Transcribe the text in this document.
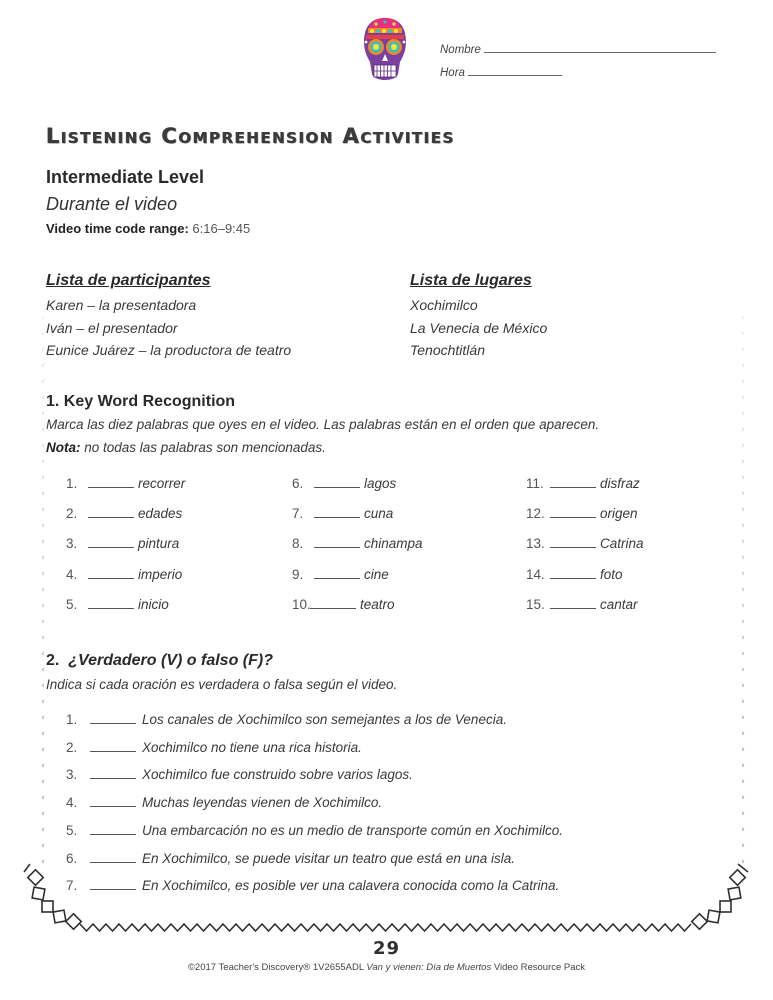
Nombre
Hora
Listening Comprehension Activities
Intermediate Level
Durante el video
Video time code range: 6:16–9:45
Lista de participantes
Karen – la presentadora
Iván – el presentador
Eunice Juárez – la productora de teatro
Lista de lugares
Xochimilco
La Venecia de México
Tenochtitlán
1. Key Word Recognition
Marca las diez palabras que oyes en el video. Las palabras están en el orden que aparecen.
Nota: no todas las palabras son mencionadas.
1.	recorrer
2.	edades
3.	pintura
4.	imperio
5.	inicio
6.	lagos
7.	cuna
8.	chinampa
9.	cine
10.	teatro
11.	disfraz
12.	origen
13.	Catrina
14.	foto
15.	cantar
2. ¿Verdadero (V) o falso (F)?
Indica si cada oración es verdadera o falsa según el video.
1.	Los canales de Xochimilco son semejantes a los de Venecia.
2.	Xochimilco no tiene una rica historia.
3.	Xochimilco fue construido sobre varios lagos.
4.	Muchas leyendas vienen de Xochimilco.
5.	Una embarcación no es un medio de transporte común en Xochimilco.
6.	En Xochimilco, se puede visitar un teatro que está en una isla.
7.	En Xochimilco, es posible ver una calavera conocida como la Catrina.
‹
‹
‹
‹
‹
‹
‹
‹
‹
‹
‹
‹
‹
‹
‹
‹
‹
‹
‹
‹
‹
‹
‹
‹
‹
‹
‹
‹
‹
‹
‹
‹
‹
‹
‹
›
›
›
›
›
›
›
›
›
›
›
›
›
›
›
›
›
›
›
›
›
›
›
›
›
›
›
›
›
›
›
›
›
›
›
29
©2017 Teacher's Discovery® 1V2655ADL Van y vienen: Día de Muertos Video Resource Pack
